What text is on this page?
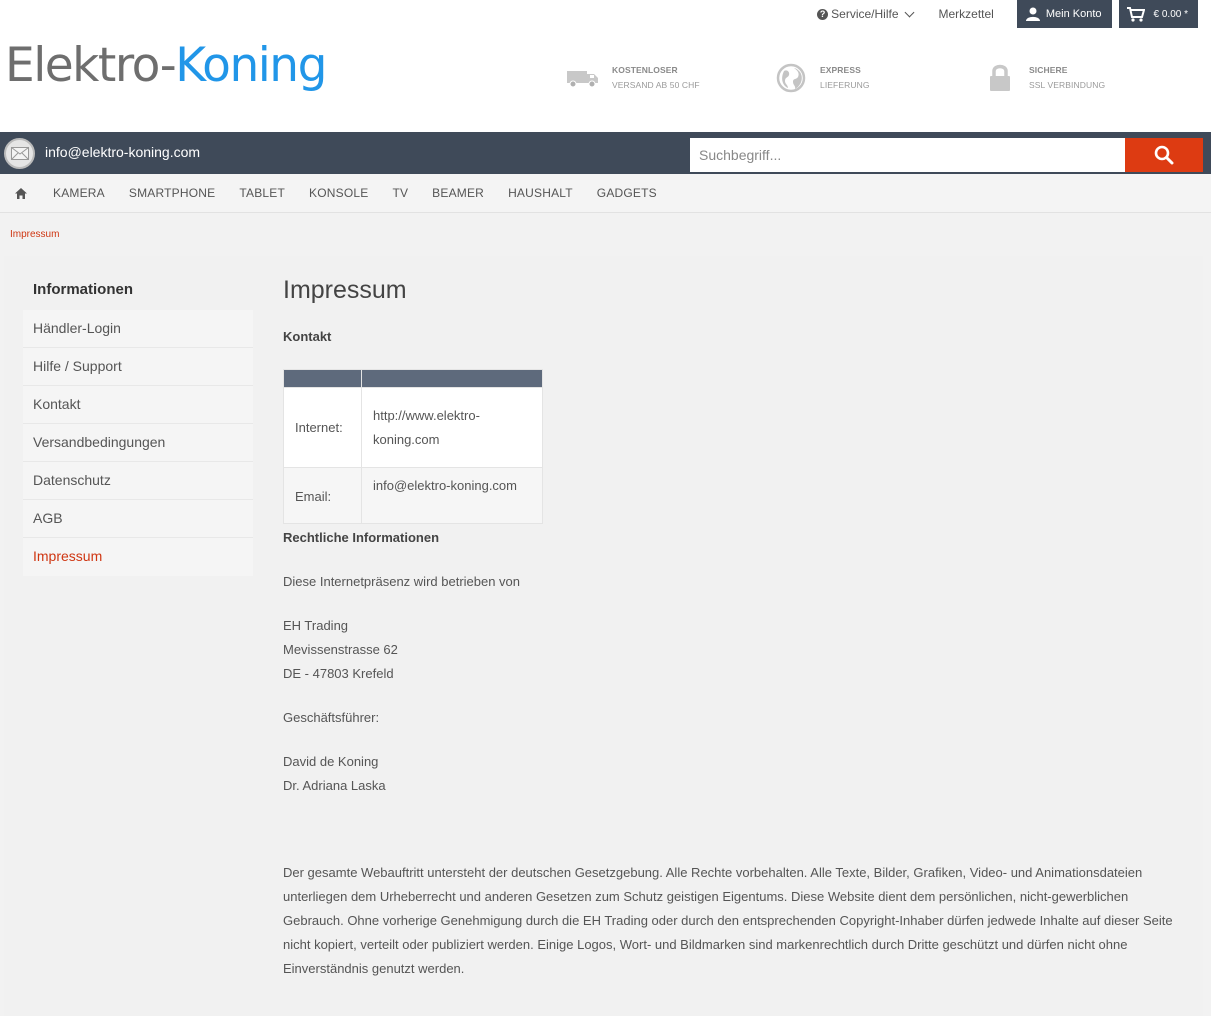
? Service/Hilfe	Merkzettel	Mein Konto	€ 0.00 *
Elektro-Koning	KOSTENLOSER
VERSAND AB 50 CHF
EXPRESS
LIEFERUNG
SICHERE
SSL VERBINDUNG
info@elektro-koning.com
Suchbegriff...
KAMERA SMARTPHONE TABLET KONSOLE TV BEAMER HAUSHALT GADGETS
Impressum
Informationen
Händler-Login
Hilfe / Support
Kontakt
Versandbedingungen
Datenschutz
AGB
Impressum
Impressum
Kontakt

Internet:	http://www.elektro-
koning.com

Email:	info@elektro-koning.com
Rechtliche Informationen
Diese Internetpräsenz wird betrieben von
EH Trading
Mevissenstrasse 62
DE - 47803 Krefeld
Geschäftsführer:
David de Koning
Dr. Adriana Laska

Der gesamte Webauftritt untersteht der deutschen Gesetzgebung. Alle Rechte vorbehalten. Alle Texte, Bilder, Grafiken, Video- und Animationsdateien unterliegen dem Urheberrecht und anderen Gesetzen zum Schutz geistigen Eigentums. Diese Website dient dem persönlichen, nicht-gewerblichen Gebrauch. Ohne vorherige Genehmigung durch die EH Trading oder durch den entsprechenden Copyright-Inhaber dürfen jedwede Inhalte auf dieser Seite nicht kopiert, verteilt oder publiziert werden. Einige Logos, Wort- und Bildmarken sind markenrechtlich durch Dritte geschützt und dürfen nicht ohne Einverständnis genutzt werden.
